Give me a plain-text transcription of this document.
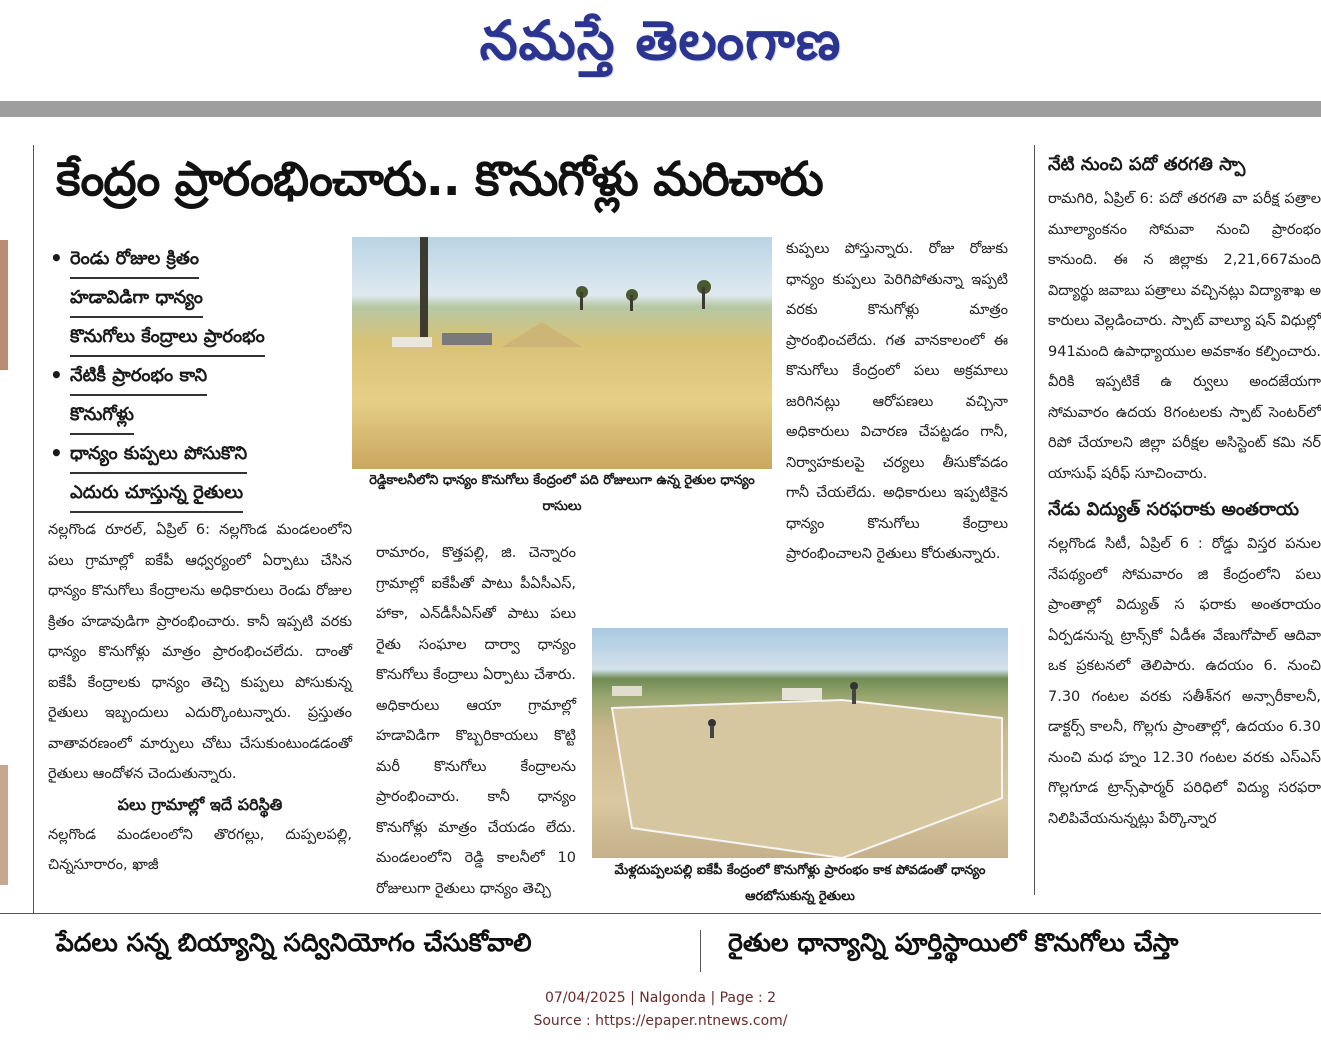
నమస్తే తెలంగాణ
కేంద్రం ప్రారంభించారు.. కొనుగోళ్లు మరిచారు
• రెండు రోజుల క్రితం
హడావిడిగా ధాన్యం
కొనుగోలు కేంద్రాలు ప్రారంభం
• నేటికీ ప్రారంభం కాని
కొనుగోళ్లు
• ధాన్యం కుప్పలు పోసుకొని
ఎదురు చూస్తున్న రైతులు

నల్లగొండ రూరల్‌, ఏప్రిల్‌ 6: నల్లగొండ మండలంలోని పలు గ్రామాల్లో ఐకేపీ ఆధ్వర్యంలో ఏర్పాటు చేసిన ధాన్యం కొనుగోలు కేంద్రాలను అధికారులు రెండు రోజుల క్రితం హడావుడిగా ప్రారంభించారు. కానీ ఇప్పటి వరకు ధాన్యం కొనుగోళ్లు మాత్రం ప్రారంభించలేదు. దాంతో ఐకేపీ కేంద్రాలకు ధాన్యం తెచ్చి కుప్పలు పోసుకున్న రైతులు ఇబ్బందులు ఎదుర్కొంటున్నారు. ప్రస్తుతం వాతావరణంలో మార్పులు చోటు చేసుకుంటుండడంతో రైతులు ఆందోళన చెందుతున్నారు.

పలు గ్రామాల్లో ఇదే పరిస్థితి

నల్లగొండ మండలంలోని తొరగల్లు, దుప్పలపల్లి, చిన్నసూరారం, ఖాజీ

రెడ్డికాలనీలోని ధాన్యం కొనుగోలు కేంద్రంలో పది రోజులుగా ఉన్న రైతుల ధాన్యం రాసులు

రామారం, కొత్తపల్లి, జి. చెన్నారం గ్రామాల్లో ఐకేపీతో పాటు పీఏసీఎస్‌, హాకా, ఎన్‌డీసీఏస్‌తో పాటు పలు రైతు సంఘాల దార్వా ధాన్యం కొనుగోలు కేంద్రాలు ఏర్పాటు చేశారు. అధికారులు ఆయా గ్రామాల్లో హడావిడిగా కొబ్బరికాయలు కొట్టి మరీ కొనుగోలు కేంద్రాలను ప్రారంభించారు. కానీ ధాన్యం కొనుగోళ్లు మాత్రం చేయడం లేదు. మండలంలోని రెడ్డి కాలనీలో 10 రోజులుగా రైతులు ధాన్యం తెచ్చి

కుప్పలు పోస్తున్నారు. రోజు రోజుకు ధాన్యం కుప్పలు పెరిగిపోతున్నా ఇప్పటి వరకు కొనుగోళ్లు మాత్రం ప్రారంభించలేదు. గత వానకాలంలో ఈ కొనుగోలు కేంద్రంలో పలు అక్రమాలు జరిగినట్లు ఆరోపణలు వచ్చినా అధికారులు విచారణ చేపట్టడం గానీ, నిర్వాహకులపై చర్యలు తీసుకోవడం గానీ చేయలేదు. అధికారులు ఇప్పటికైన ధాన్యం కొనుగోలు కేంద్రాలు ప్రారంభించాలని రైతులు కోరుతున్నారు.

మేళ్లదుప్పలపల్లి ఐకేపీ కేంద్రంలో కొనుగోళ్లు ప్రారంభం కాక పోవడంతో ధాన్యం ఆరబోసుకున్న రైతులు
నేటి నుంచి పదో తరగతి స్పా

రామగిరి, ఏప్రిల్‌ 6: పదో తరగతి వా పరీక్ష పత్రాల మూల్యాంకనం సోమవా నుంచి ప్రారంభం కానుంది. ఈ న జిల్లాకు 2,21,667మంది విద్యార్థు జవాబు పత్రాలు వచ్చినట్లు విద్యాశాఖ అ కారులు వెల్లడించారు. స్పాట్‌ వాల్యూ షన్‌ విధుల్లో 941మంది ఉపాధ్యాయుల అవకాశం కల్పించారు. వీరికి ఇప్పటికే ఉ ర్వులు అందజేయగా సోమవారం ఉదయ 8గంటలకు స్పాట్‌ సెంటర్‌లో రిపో చేయాలని జిల్లా పరీక్షల అసిస్టెంట్‌ కమి నర్‌ యాసుఫ్‌ షరీఫ్‌ సూచించారు.

నేడు విద్యుత్‌ సరఫరాకు అంతరాయ

నల్లగొండ సిటీ, ఏప్రిల్‌ 6 : రోడ్డు విస్తర పనుల నేపథ్యంలో సోమవారం జి కేంద్రంలోని పలు ప్రాంతాల్లో విద్యుత్‌ స ఫరాకు అంతరాయం ఏర్పడనున్న ట్రాన్స్‌కో ఏడీఈ వేణుగోపాల్‌ ఆదివా ఒక ప్రకటనలో తెలిపారు. ఉదయం 6. నుంచి 7.30 గంటల వరకు సతీశ్‌నగ అన్సారీకాలనీ, డాక్టర్స్‌ కాలనీ, గొల్లగు ప్రాంతాల్లో, ఉదయం 6.30 నుంచి మధ హ్నం 12.30 గంటల వరకు ఎస్‌ఎస్‌ గొల్లగూడ ట్రాన్స్‌ఫార్మర్‌ పరిధిలో విద్యు సరఫరా నిలిపివేయనున్నట్లు పేర్కొన్నార

పేదలు సన్న బియ్యాన్ని సద్వినియోగం చేసుకోవాలి	రైతుల ధాన్యాన్ని పూర్తిస్థాయిలో కొనుగోలు చేస్తా
07/04/2025 | Nalgonda | Page : 2
Source : https://epaper.ntnews.com/
